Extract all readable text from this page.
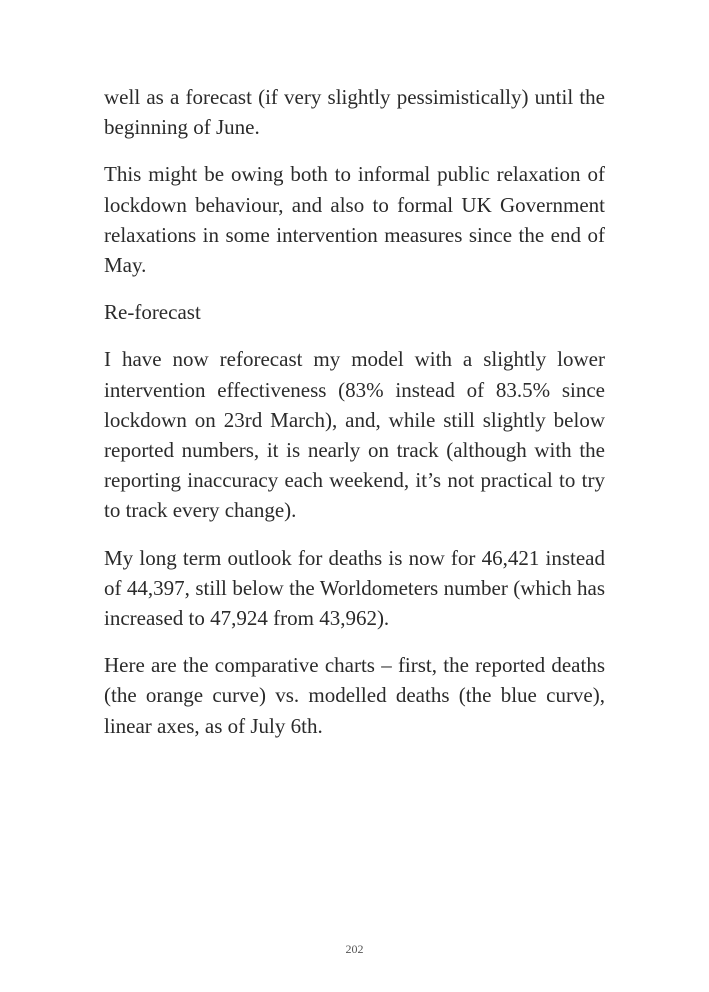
well as a forecast (if very slightly pessimistically) until the beginning of June.

This might be owing both to informal public relaxation of lockdown behaviour, and also to formal UK Government relaxations in some intervention measures since the end of May.

Re-forecast

I have now reforecast my model with a slightly lower intervention effectiveness (83% instead of 83.5% since lockdown on 23rd March), and, while still slightly below reported numbers, it is nearly on track (although with the reporting inaccuracy each weekend, it’s not practical to try to track every change).

My long term outlook for deaths is now for 46,421 instead of 44,397, still below the Worldometers number (which has increased to 47,924 from 43,962).

Here are the comparative charts – first, the reported deaths (the orange curve) vs. modelled deaths (the blue curve), linear axes, as of July 6th.

202
